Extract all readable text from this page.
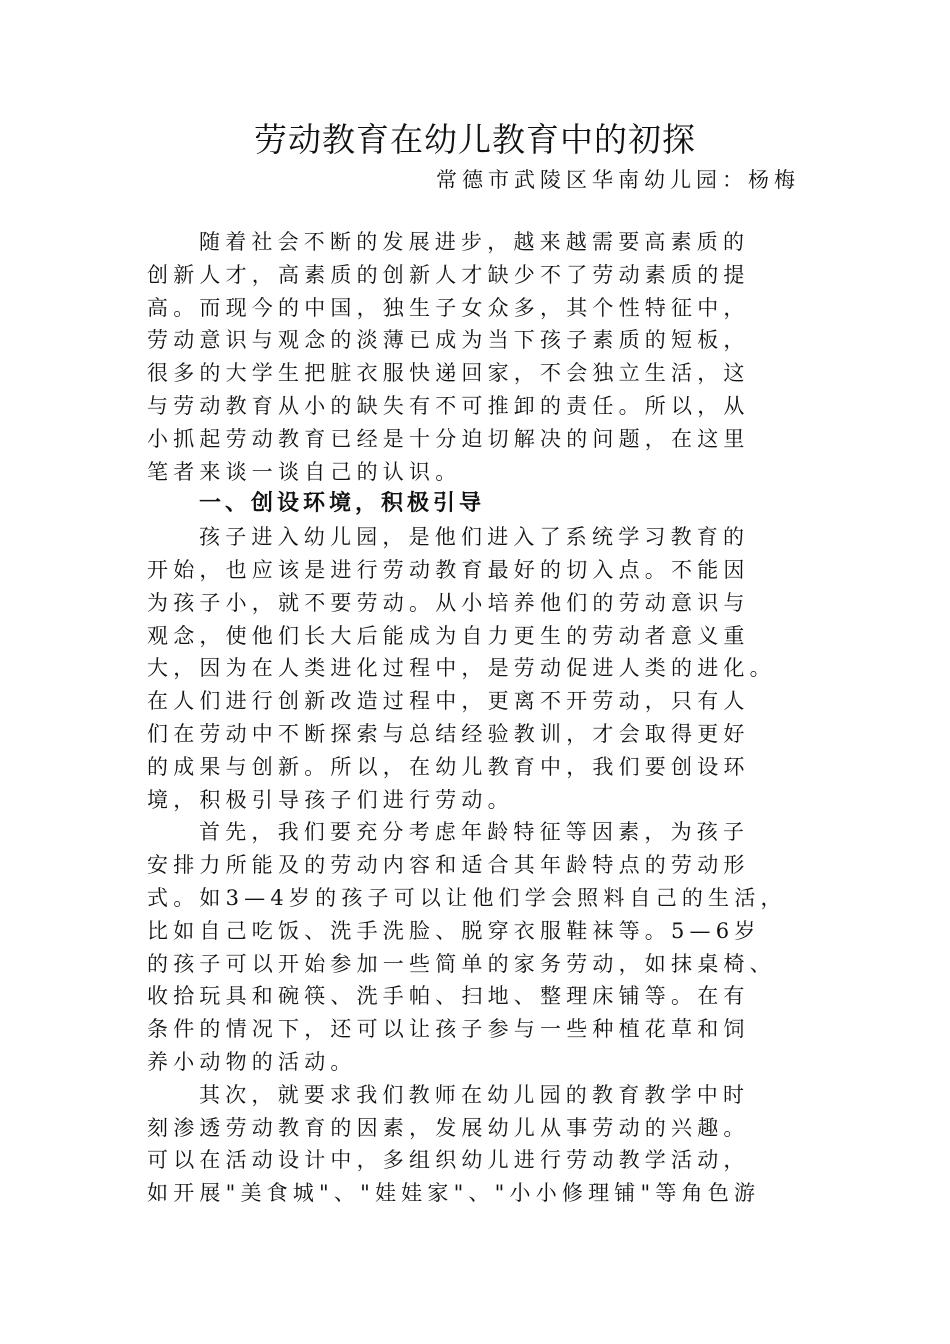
劳动教育在幼儿教育中的初探
常德市武陵区华南幼儿园：杨梅
随着社会不断的发展进步，越来越需要高素质的
创新人才，高素质的创新人才缺少不了劳动素质的提
高。而现今的中国，独生子女众多，其个性特征中，
劳动意识与观念的淡薄已成为当下孩子素质的短板，
很多的大学生把脏衣服快递回家，不会独立生活，这
与劳动教育从小的缺失有不可推卸的责任。所以，从
小抓起劳动教育已经是十分迫切解决的问题，在这里
笔者来谈一谈自己的认识。
一、创设环境，积极引导
孩子进入幼儿园，是他们进入了系统学习教育的
开始，也应该是进行劳动教育最好的切入点。不能因
为孩子小，就不要劳动。从小培养他们的劳动意识与
观念，使他们长大后能成为自力更生的劳动者意义重
大，因为在人类进化过程中，是劳动促进人类的进化。
在人们进行创新改造过程中，更离不开劳动，只有人
们在劳动中不断探索与总结经验教训，才会取得更好
的成果与创新。所以，在幼儿教育中，我们要创设环
境，积极引导孩子们进行劳动。
首先，我们要充分考虑年龄特征等因素，为孩子
安排力所能及的劳动内容和适合其年龄特点的劳动形
式。如3—4岁的孩子可以让他们学会照料自己的生活，
比如自己吃饭、洗手洗脸、脱穿衣服鞋袜等。5—6岁
的孩子可以开始参加一些简单的家务劳动，如抹桌椅、
收拾玩具和碗筷、洗手帕、扫地、整理床铺等。在有
条件的情况下，还可以让孩子参与一些种植花草和饲
养小动物的活动。
其次，就要求我们教师在幼儿园的教育教学中时
刻渗透劳动教育的因素，发展幼儿从事劳动的兴趣。
可以在活动设计中，多组织幼儿进行劳动教学活动，
如开展"美食城"、"娃娃家"、"小小修理铺"等角色游
